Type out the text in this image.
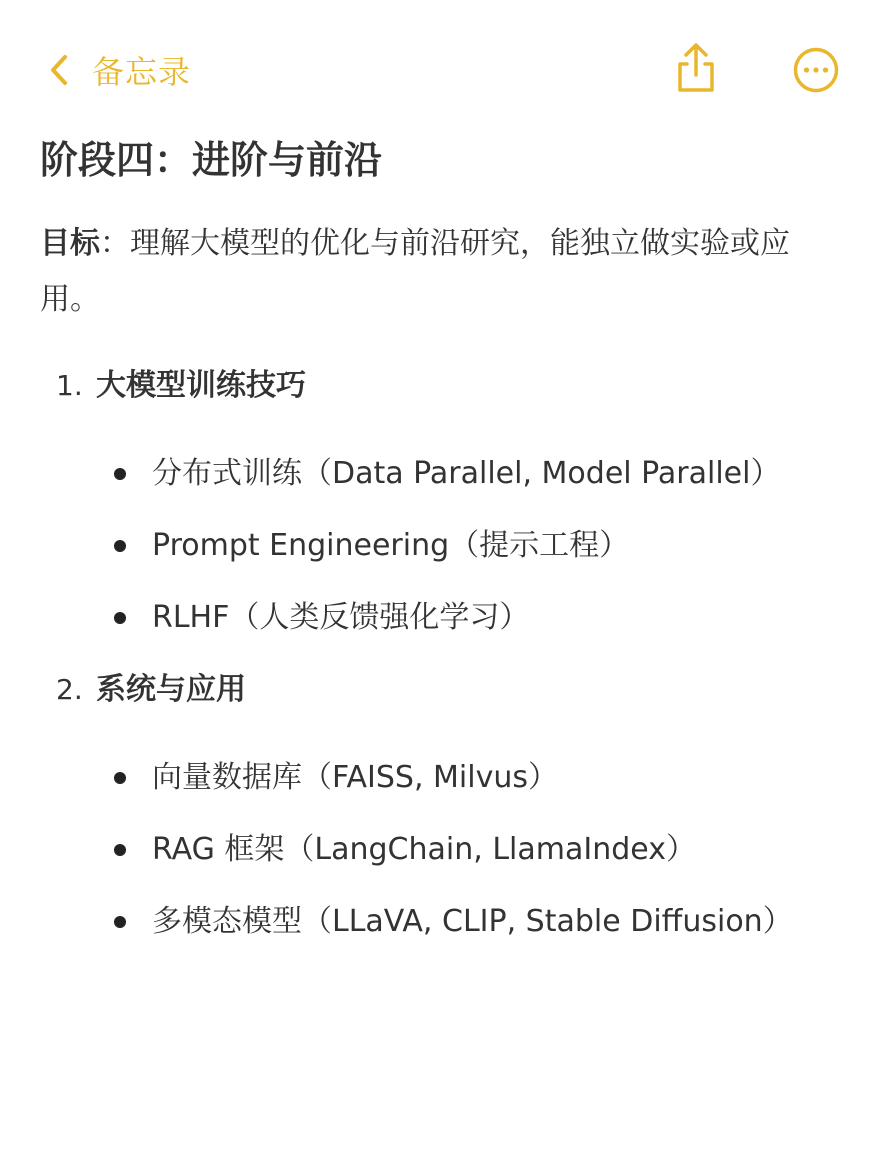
备忘录
阶段四：进阶与前沿

目标：理解大模型的优化与前沿研究，能独立做实验或应用。

1. 大模型训练技巧
分布式训练（Data Parallel, Model Parallel）
Prompt Engineering（提示工程）
RLHF（人类反馈强化学习）
2. 系统与应用
向量数据库（FAISS, Milvus）
RAG 框架（LangChain, LlamaIndex）
多模态模型（LLaVA, CLIP, Stable Diffusion）
